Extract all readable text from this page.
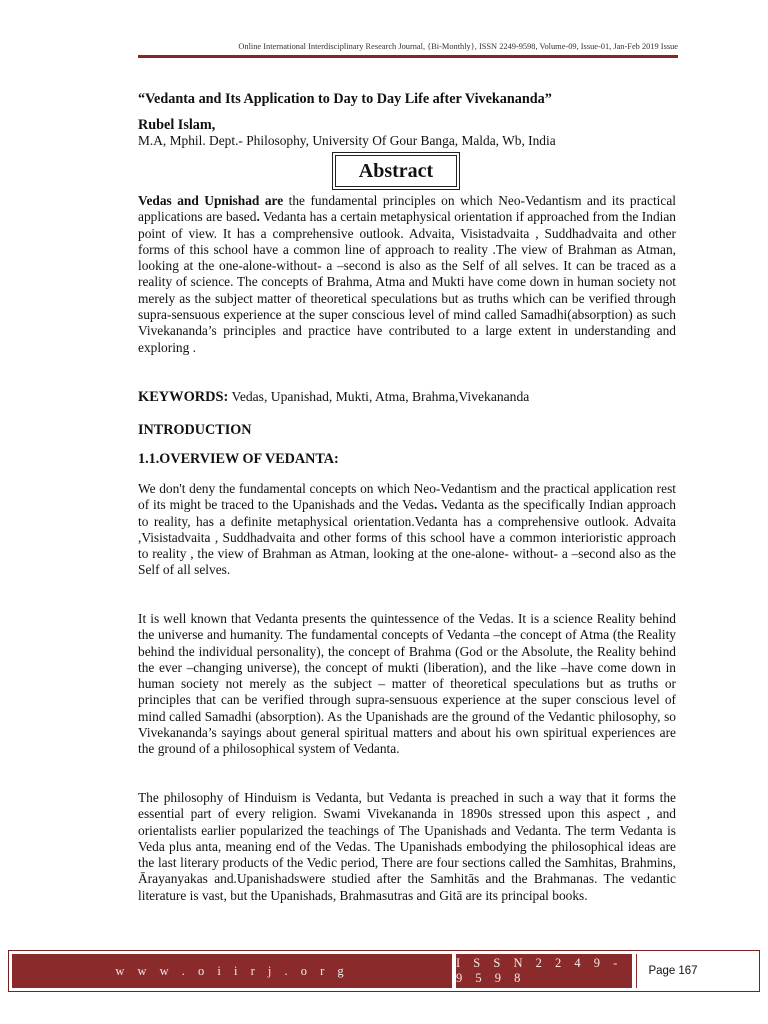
Online International Interdisciplinary Research Journal, {Bi-Monthly}, ISSN 2249-9598, Volume-09, Issue-01, Jan-Feb 2019 Issue
“Vedanta and Its Application to Day to Day Life after Vivekananda”
Rubel Islam,
M.A, Mphil. Dept.- Philosophy, University Of Gour Banga, Malda, Wb, India
Abstract

Vedas and Upnishad are the fundamental principles on which Neo-Vedantism and its practical applications are based. Vedanta has a certain metaphysical orientation if approached from the Indian point of view. It has a comprehensive outlook. Advaita, Visistadvaita , Suddhadvaita and other forms of this school have a common line of approach to reality .The view of Brahman as Atman, looking at the one-alone-without- a –second is also as the Self of all selves. It can be traced as a reality of science. The concepts of Brahma, Atma and Mukti have come down in human society not merely as the subject matter of theoretical speculations but as truths which can be verified through supra-sensuous experience at the super conscious level of mind called Samadhi(absorption) as such Vivekananda’s principles and practice have contributed to a large extent in understanding and exploring .

KEYWORDS: Vedas, Upanishad, Mukti, Atma, Brahma,Vivekananda
INTRODUCTION
1.1.OVERVIEW OF VEDANTA:

We don't deny the fundamental concepts on which Neo-Vedantism and the practical application rest of its might be traced to the Upanishads and the Vedas. Vedanta as the specifically Indian approach to reality, has a definite metaphysical orientation.Vedanta has a comprehensive outlook. Advaita ,Visistadvaita , Suddhadvaita and other forms of this school have a common interioristic approach to reality , the view of Brahman as Atman, looking at the one-alone- without- a –second also as the Self of all selves.

It is well known that Vedanta presents the quintessence of the Vedas. It is a science Reality behind the universe and humanity. The fundamental concepts of Vedanta –the concept of Atma (the Reality behind the individual personality), the concept of Brahma (God or the Absolute, the Reality behind the ever –changing universe), the concept of mukti (liberation), and the like –have come down in human society not merely as the subject – matter of theoretical speculations but as truths or principles that can be verified through supra-sensuous experience at the super conscious level of mind called Samadhi (absorption). As the Upanishads are the ground of the Vedantic philosophy, so Vivekananda’s sayings about general spiritual matters and about his own spiritual experiences are the ground of a philosophical system of Vedanta.

The philosophy of Hinduism is Vedanta, but Vedanta is preached in such a way that it forms the essential part of every religion. Swami Vivekananda in 1890s stressed upon this aspect , and orientalists earlier popularized the teachings of The Upanishads and Vedanta. The term Vedanta is Veda plus anta, meaning end of the Vedas. The Upanishads embodying the philosophical ideas are the last literary products of the Vedic period, There are four sections called the Samhitas, Brahmins, Ārayanyakas and.Upanishadswere studied after the Samhitās and the Brahmanas. The vedantic literature is vast, but the Upanishads, Brahmasutras and Gitā are its principal books.

w w w . o i i r j . o r g
I S S N 2 2 4 9 - 9 5 9 8	Page 167
